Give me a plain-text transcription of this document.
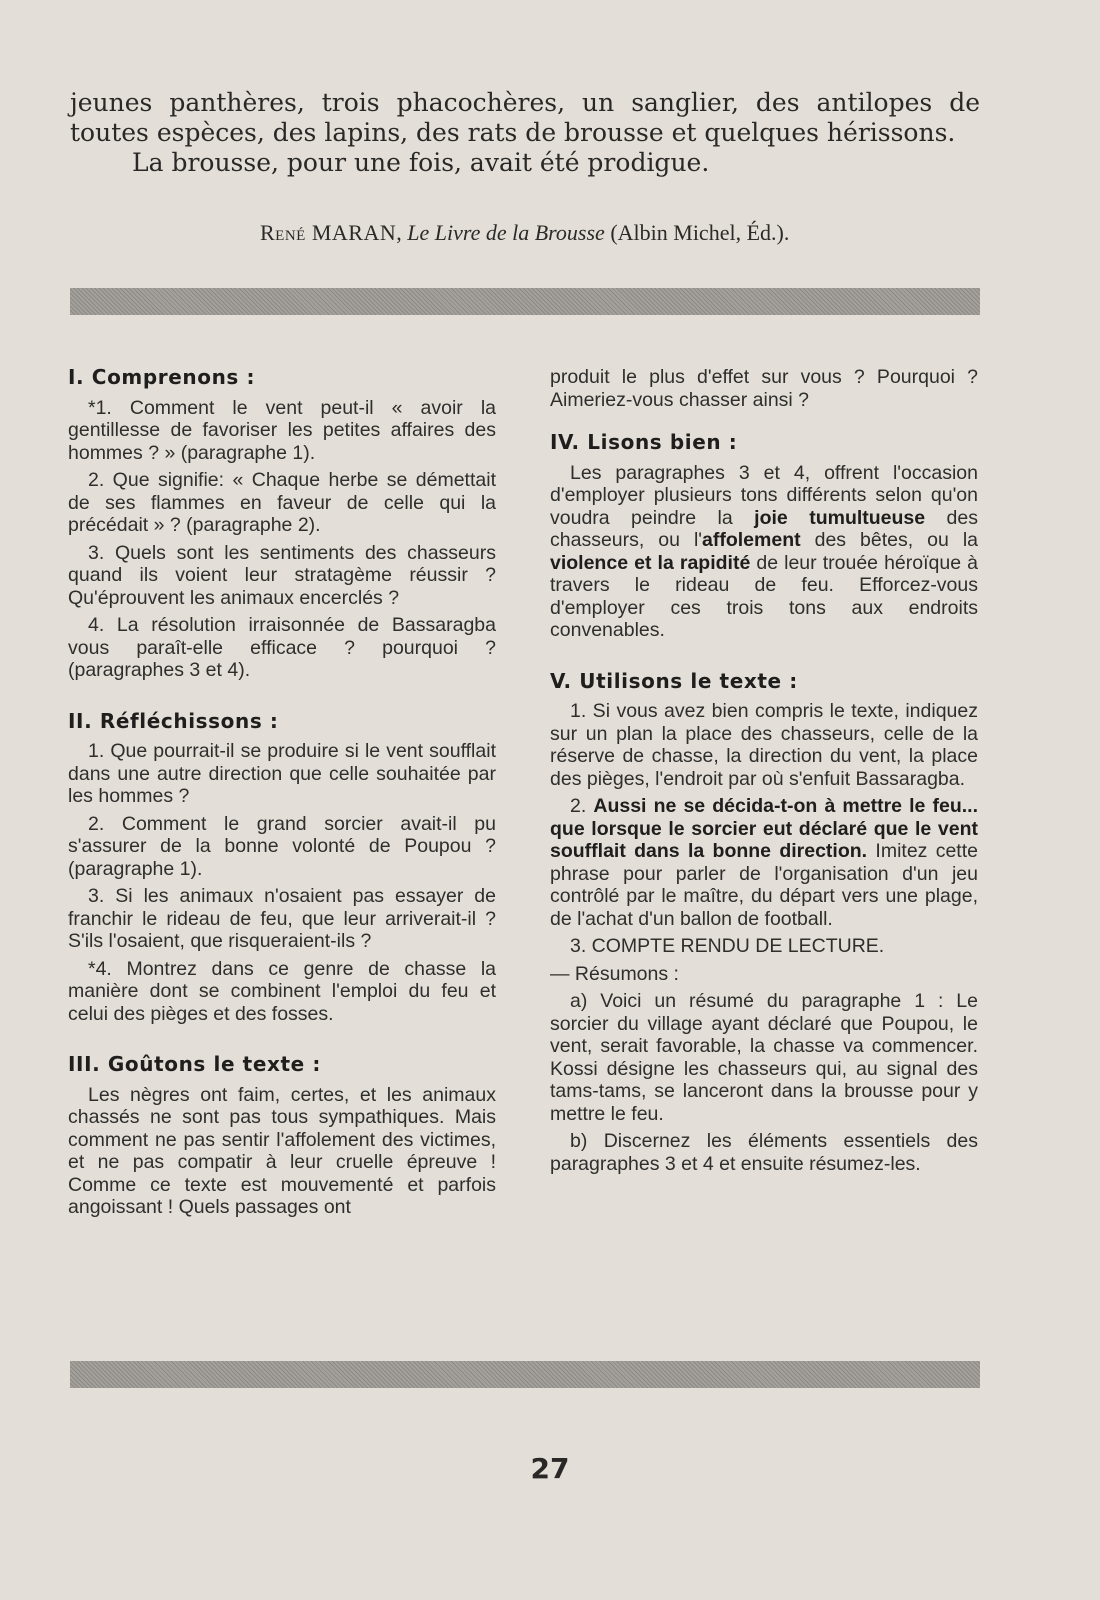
jeunes panthères, trois phacochères, un sanglier, des antilopes de toutes espèces, des lapins, des rats de brousse et quelques hérissons.

La brousse, pour une fois, avait été prodigue.

René MARAN, Le Livre de la Brousse (Albin Michel, Éd.).
I. Comprenons :

*1. Comment le vent peut-il « avoir la gentillesse de favoriser les petites affaires des hommes ? » (paragraphe 1).

2. Que signifie: « Chaque herbe se démettait de ses flammes en faveur de celle qui la précédait » ? (paragraphe 2).

3. Quels sont les sentiments des chasseurs quand ils voient leur stratagème réussir ? Qu'éprouvent les animaux encerclés ?

4. La résolution irraisonnée de Bassaragba vous paraît-elle efficace ? pourquoi ? (paragraphes 3 et 4).

II. Réfléchissons :

1. Que pourrait-il se produire si le vent soufflait dans une autre direction que celle souhaitée par les hommes ?

2. Comment le grand sorcier avait-il pu s'assurer de la bonne volonté de Poupou ? (paragraphe 1).

3. Si les animaux n'osaient pas essayer de franchir le rideau de feu, que leur arriverait-il ? S'ils l'osaient, que risqueraient-ils ?

*4. Montrez dans ce genre de chasse la manière dont se combinent l'emploi du feu et celui des pièges et des fosses.

III. Goûtons le texte :

Les nègres ont faim, certes, et les animaux chassés ne sont pas tous sympathiques. Mais comment ne pas sentir l'affolement des victimes, et ne pas compatir à leur cruelle épreuve ! Comme ce texte est mouvementé et parfois angoissant ! Quels passages ont

produit le plus d'effet sur vous ? Pourquoi ? Aimeriez-vous chasser ainsi ?

IV. Lisons bien :

Les paragraphes 3 et 4, offrent l'occasion d'employer plusieurs tons différents selon qu'on voudra peindre la joie tumultueuse des chasseurs, ou l'affolement des bêtes, ou la violence et la rapidité de leur trouée héroïque à travers le rideau de feu. Efforcez-vous d'employer ces trois tons aux endroits convenables.

V. Utilisons le texte :

1. Si vous avez bien compris le texte, indiquez sur un plan la place des chasseurs, celle de la réserve de chasse, la direction du vent, la place des pièges, l'endroit par où s'enfuit Bassaragba.

2. Aussi ne se décida-t-on à mettre le feu... que lorsque le sorcier eut déclaré que le vent soufflait dans la bonne direction. Imitez cette phrase pour parler de l'organisation d'un jeu contrôlé par le maître, du départ vers une plage, de l'achat d'un ballon de football.

3. COMPTE RENDU DE LECTURE.

— Résumons :

a) Voici un résumé du paragraphe 1 : Le sorcier du village ayant déclaré que Poupou, le vent, serait favorable, la chasse va commencer. Kossi désigne les chasseurs qui, au signal des tams-tams, se lanceront dans la brousse pour y mettre le feu.

b) Discernez les éléments essentiels des paragraphes 3 et 4 et ensuite résumez-les.

27
